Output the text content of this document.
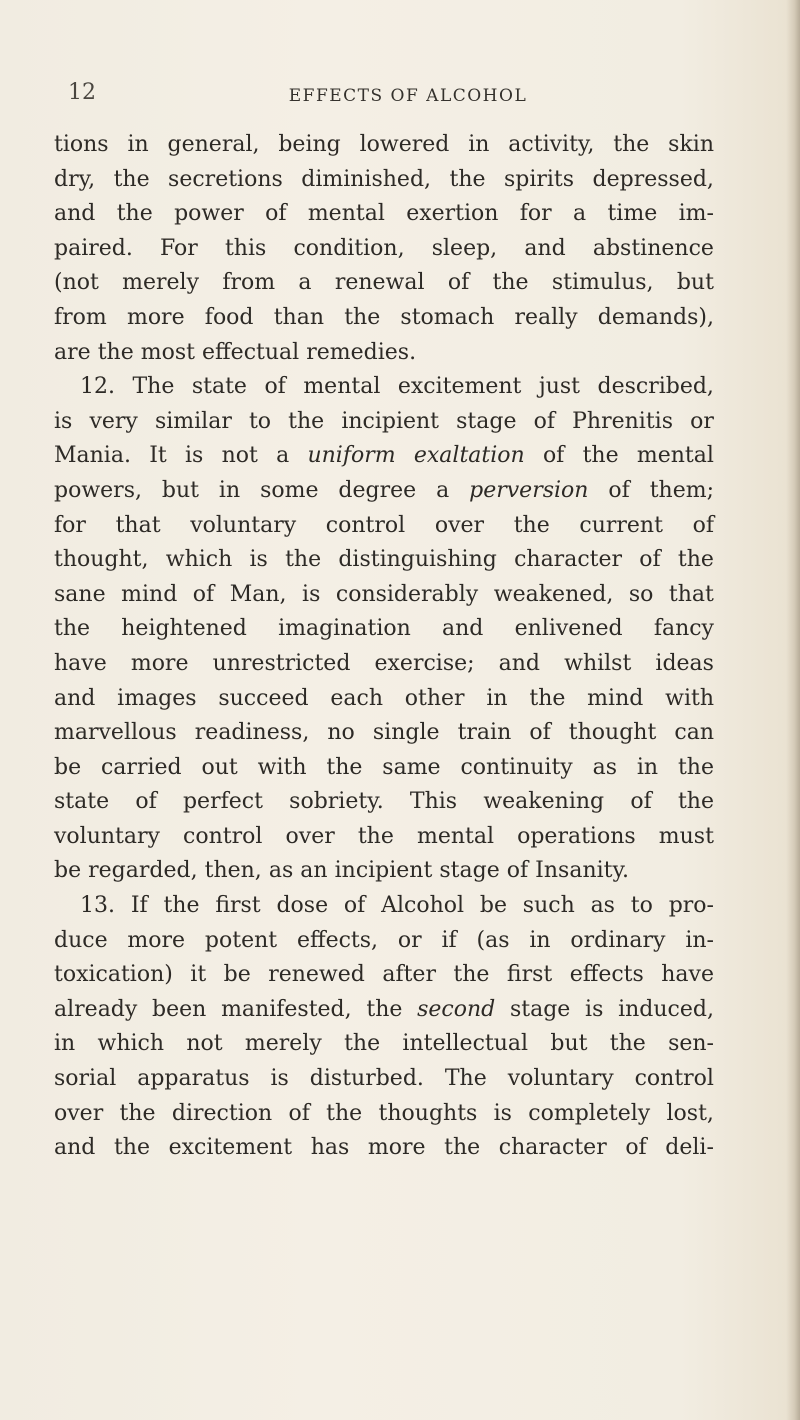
12	EFFECTS OF ALCOHOL
tions in general, being lowered in activity, the skin
dry, the secretions diminished, the spirits depressed,
and the power of mental exertion for a time im-
paired. For this condition, sleep, and abstinence
(not merely from a renewal of the stimulus, but
from more food than the stomach really demands),
are the most effectual remedies.
12. The state of mental excitement just described,
is very similar to the incipient stage of Phrenitis or
Mania. It is not a uniform exaltation of the mental
powers, but in some degree a perversion of them;
for that voluntary control over the current of
thought, which is the distinguishing character of the
sane mind of Man, is considerably weakened, so that
the heightened imagination and enlivened fancy
have more unrestricted exercise; and whilst ideas
and images succeed each other in the mind with
marvellous readiness, no single train of thought can
be carried out with the same continuity as in the
state of perfect sobriety. This weakening of the
voluntary control over the mental operations must
be regarded, then, as an incipient stage of Insanity.
13. If the first dose of Alcohol be such as to pro-
duce more potent effects, or if (as in ordinary in-
toxication) it be renewed after the first effects have
already been manifested, the second stage is induced,
in which not merely the intellectual but the sen-
sorial apparatus is disturbed. The voluntary control
over the direction of the thoughts is completely lost,
and the excitement has more the character of deli-
